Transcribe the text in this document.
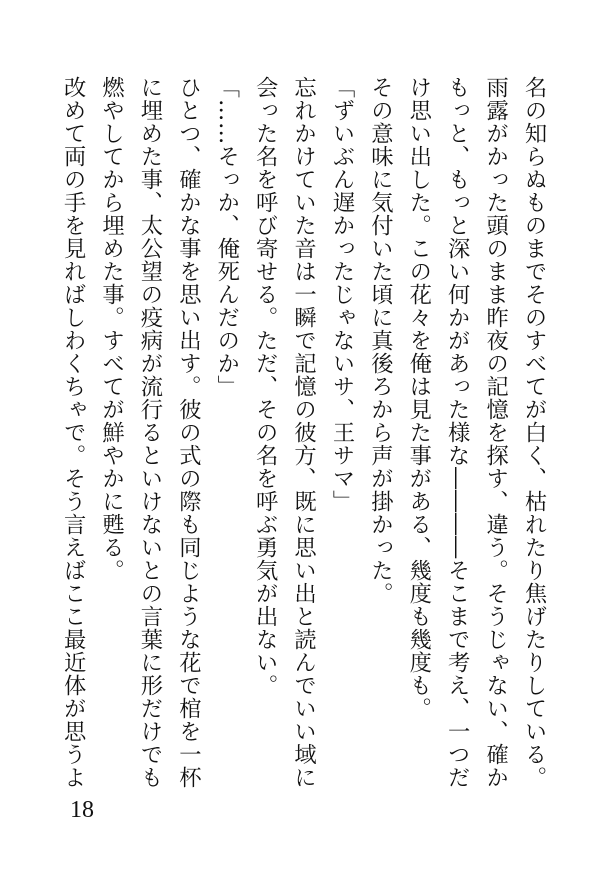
名の知らぬものまでそのすべてが白く、枯れたり焦げたりしている。
雨露がかった頭のまま昨夜の記憶を探す、違う。そうじゃない、確か
もっと、もっと深い何かがあった様な――――そこまで考え、一つだ
け思い出した。この花々を俺は見た事がある、幾度も幾度も。
その意味に気付いた頃に真後ろから声が掛かった。
「ずいぶん遅かったじゃないサ、王サマ」
忘れかけていた音は一瞬で記憶の彼方、既に思い出と読んでいい域に
会った名を呼び寄せる。ただ、その名を呼ぶ勇気が出ない。
「……そっか、俺死んだのか」
ひとつ、確かな事を思い出す。彼の式の際も同じような花で棺を一杯
に埋めた事、太公望の疫病が流行るといけないとの言葉に形だけでも
燃やしてから埋めた事。すべてが鮮やかに甦る。
改めて両の手を見ればしわくちゃで。そう言えばここ最近体が思うよ
18
